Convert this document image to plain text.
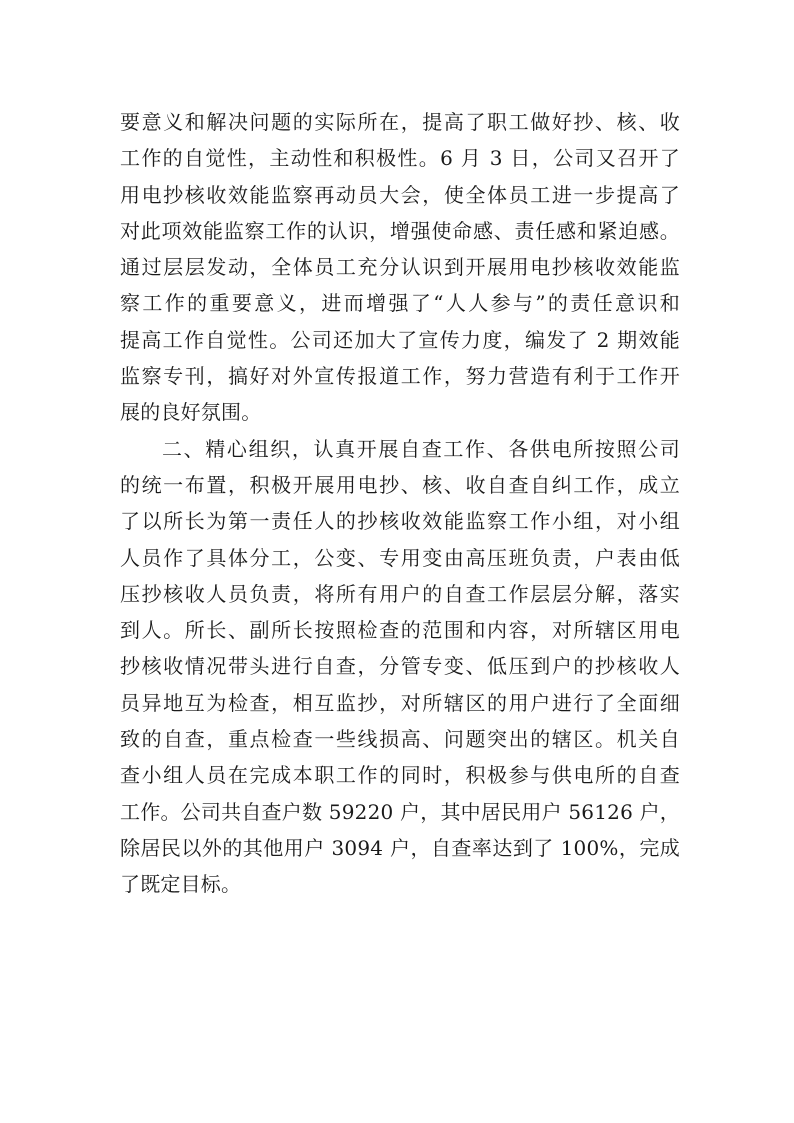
要意义和解决问题的实际所在，提高了职工做好抄、核、收
工作的自觉性，主动性和积极性。6 月 3 日，公司又召开了
用电抄核收效能监察再动员大会，使全体员工进一步提高了
对此项效能监察工作的认识，增强使命感、责任感和紧迫感。
通过层层发动，全体员工充分认识到开展用电抄核收效能监
察工作的重要意义，进而增强了“人人参与”的责任意识和
提高工作自觉性。公司还加大了宣传力度，编发了 2 期效能
监察专刊，搞好对外宣传报道工作，努力营造有利于工作开
展的良好氛围。
二、精心组织，认真开展自查工作、各供电所按照公司
的统一布置，积极开展用电抄、核、收自查自纠工作，成立
了以所长为第一责任人的抄核收效能监察工作小组，对小组
人员作了具体分工，公变、专用变由高压班负责，户表由低
压抄核收人员负责，将所有用户的自查工作层层分解，落实
到人。所长、副所长按照检查的范围和内容，对所辖区用电
抄核收情况带头进行自查，分管专变、低压到户的抄核收人
员异地互为检查，相互监抄，对所辖区的用户进行了全面细
致的自查，重点检查一些线损高、问题突出的辖区。机关自
查小组人员在完成本职工作的同时，积极参与供电所的自查
工作。公司共自查户数 59220 户，其中居民用户 56126 户，
除居民以外的其他用户 3094 户，自查率达到了 100%，完成
了既定目标。
